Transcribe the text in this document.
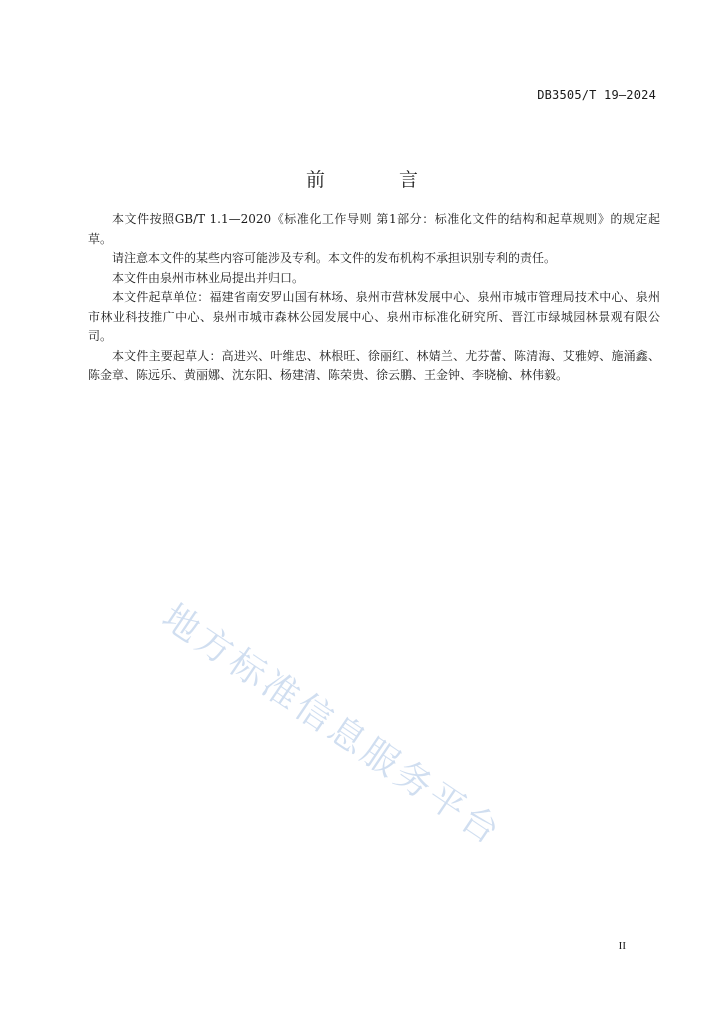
DB3505/T 19—2024
前 言

本文件按照GB/T 1.1—2020《标准化工作导则 第1部分：标准化文件的结构和起草规则》的规定起草。

请注意本文件的某些内容可能涉及专利。本文件的发布机构不承担识别专利的责任。

本文件由泉州市林业局提出并归口。

本文件起草单位：福建省南安罗山国有林场、泉州市营林发展中心、泉州市城市管理局技术中心、泉州市林业科技推广中心、泉州市城市森林公园发展中心、泉州市标准化研究所、晋江市绿城园林景观有限公司。

本文件主要起草人：高进兴、叶维忠、林根旺、徐丽红、林婧兰、尤芬蕾、陈清海、艾雅婷、施涌鑫、陈金章、陈远乐、黄丽娜、沈东阳、杨建清、陈荣贵、徐云鹏、王金钟、李晓榆、林伟毅。

地方标准信息服务平台
II
